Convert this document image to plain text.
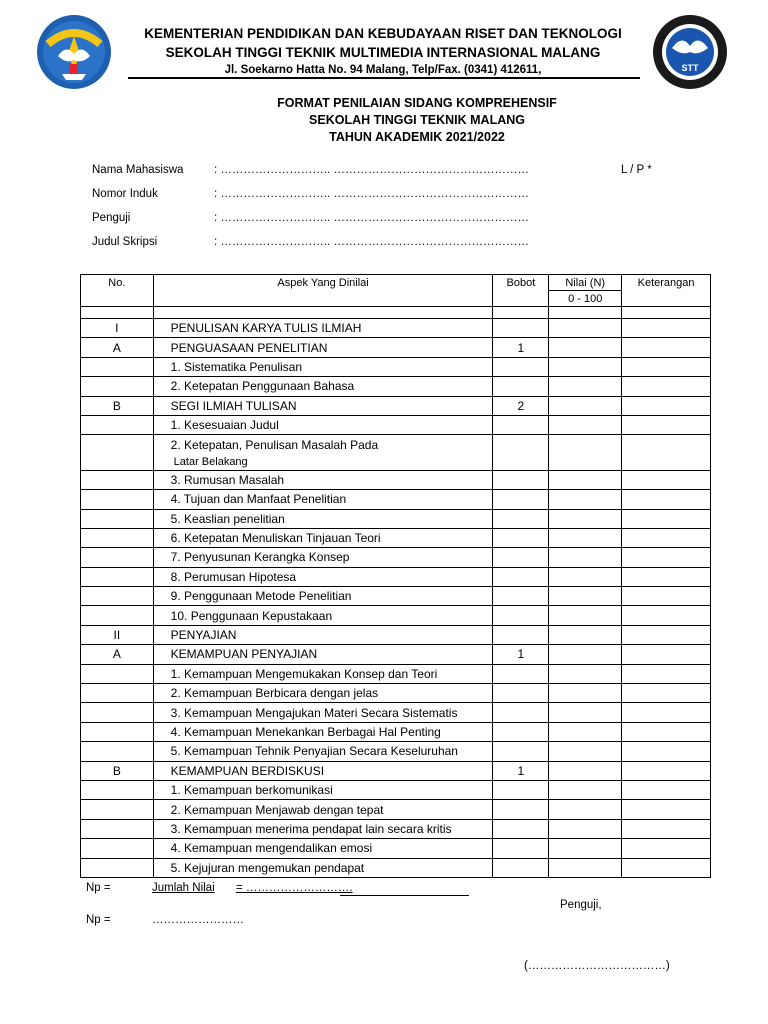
STT
KEMENTERIAN PENDIDIKAN DAN KEBUDAYAAN RISET DAN TEKNOLOGI
SEKOLAH TINGGI TEKNIK MULTIMEDIA INTERNASIONAL MALANG
Jl. Soekarno Hatta No. 94 Malang, Telp/Fax. (0341) 412611,
FORMAT PENILAIAN SIDANG KOMPREHENSIF
SEKOLAH TINGGI TEKNIK MALANG
TAHUN AKADEMIK 2021/2022
Nama Mahasiswa	: ……………………….. ……………………………………………
Nomor Induk	: ……………………….. ……………………………………………
Penguji	: ……………………….. ……………………………………………
Judul Skripsi	: ……………………….. ……………………………………………
L / P *
No.	Aspek Yang Dinilai	Bobot	Nilai (N)	Keterangan
			0 - 100	

I	PENULISAN KARYA TULIS ILMIAH			
A	PENGUASAAN PENELITIAN	1		
	1. Sistematika Penulisan			
	2. Ketepatan Penggunaan Bahasa			
B	SEGI ILMIAH TULISAN	2		
	1. Kesesuaian Judul			
	2. Ketepatan, Penulisan Masalah Pada			
	Latar Belakang			
	3. Rumusan Masalah			
	4. Tujuan dan Manfaat Penelitian			
	5. Keaslian penelitian			
	6. Ketepatan Menuliskan Tinjauan Teori			
	7. Penyusunan Kerangka Konsep			
	8. Perumusan Hipotesa			
	9. Penggunaan Metode Penelitian			
	10. Penggunaan Kepustakaan			
II	PENYAJIAN			
A	KEMAMPUAN PENYAJIAN	1		
	1. Kemampuan Mengemukakan Konsep dan Teori			
	2. Kemampuan Berbicara dengan jelas			
	3. Kemampuan Mengajukan Materi Secara Sistematis			
	4. Kemampuan Menekankan Berbagai Hal Penting			
	5. Kemampuan Tehnik Penyajian Secara Keseluruhan			
B	KEMAMPUAN BERDISKUSI	1		
	1. Kemampuan berkomunikasi			
	2. Kemampuan Menjawab dengan tepat			
	3. Kemampuan menerima pendapat lain secara kritis			
	4. Kemampuan mengendalikan emosi			
	5. Kejujuran mengemukan pendapat			
Np =	Jumlah Nilai = ……………………….
Penguji,
Np =	……………………
(………………………………)
